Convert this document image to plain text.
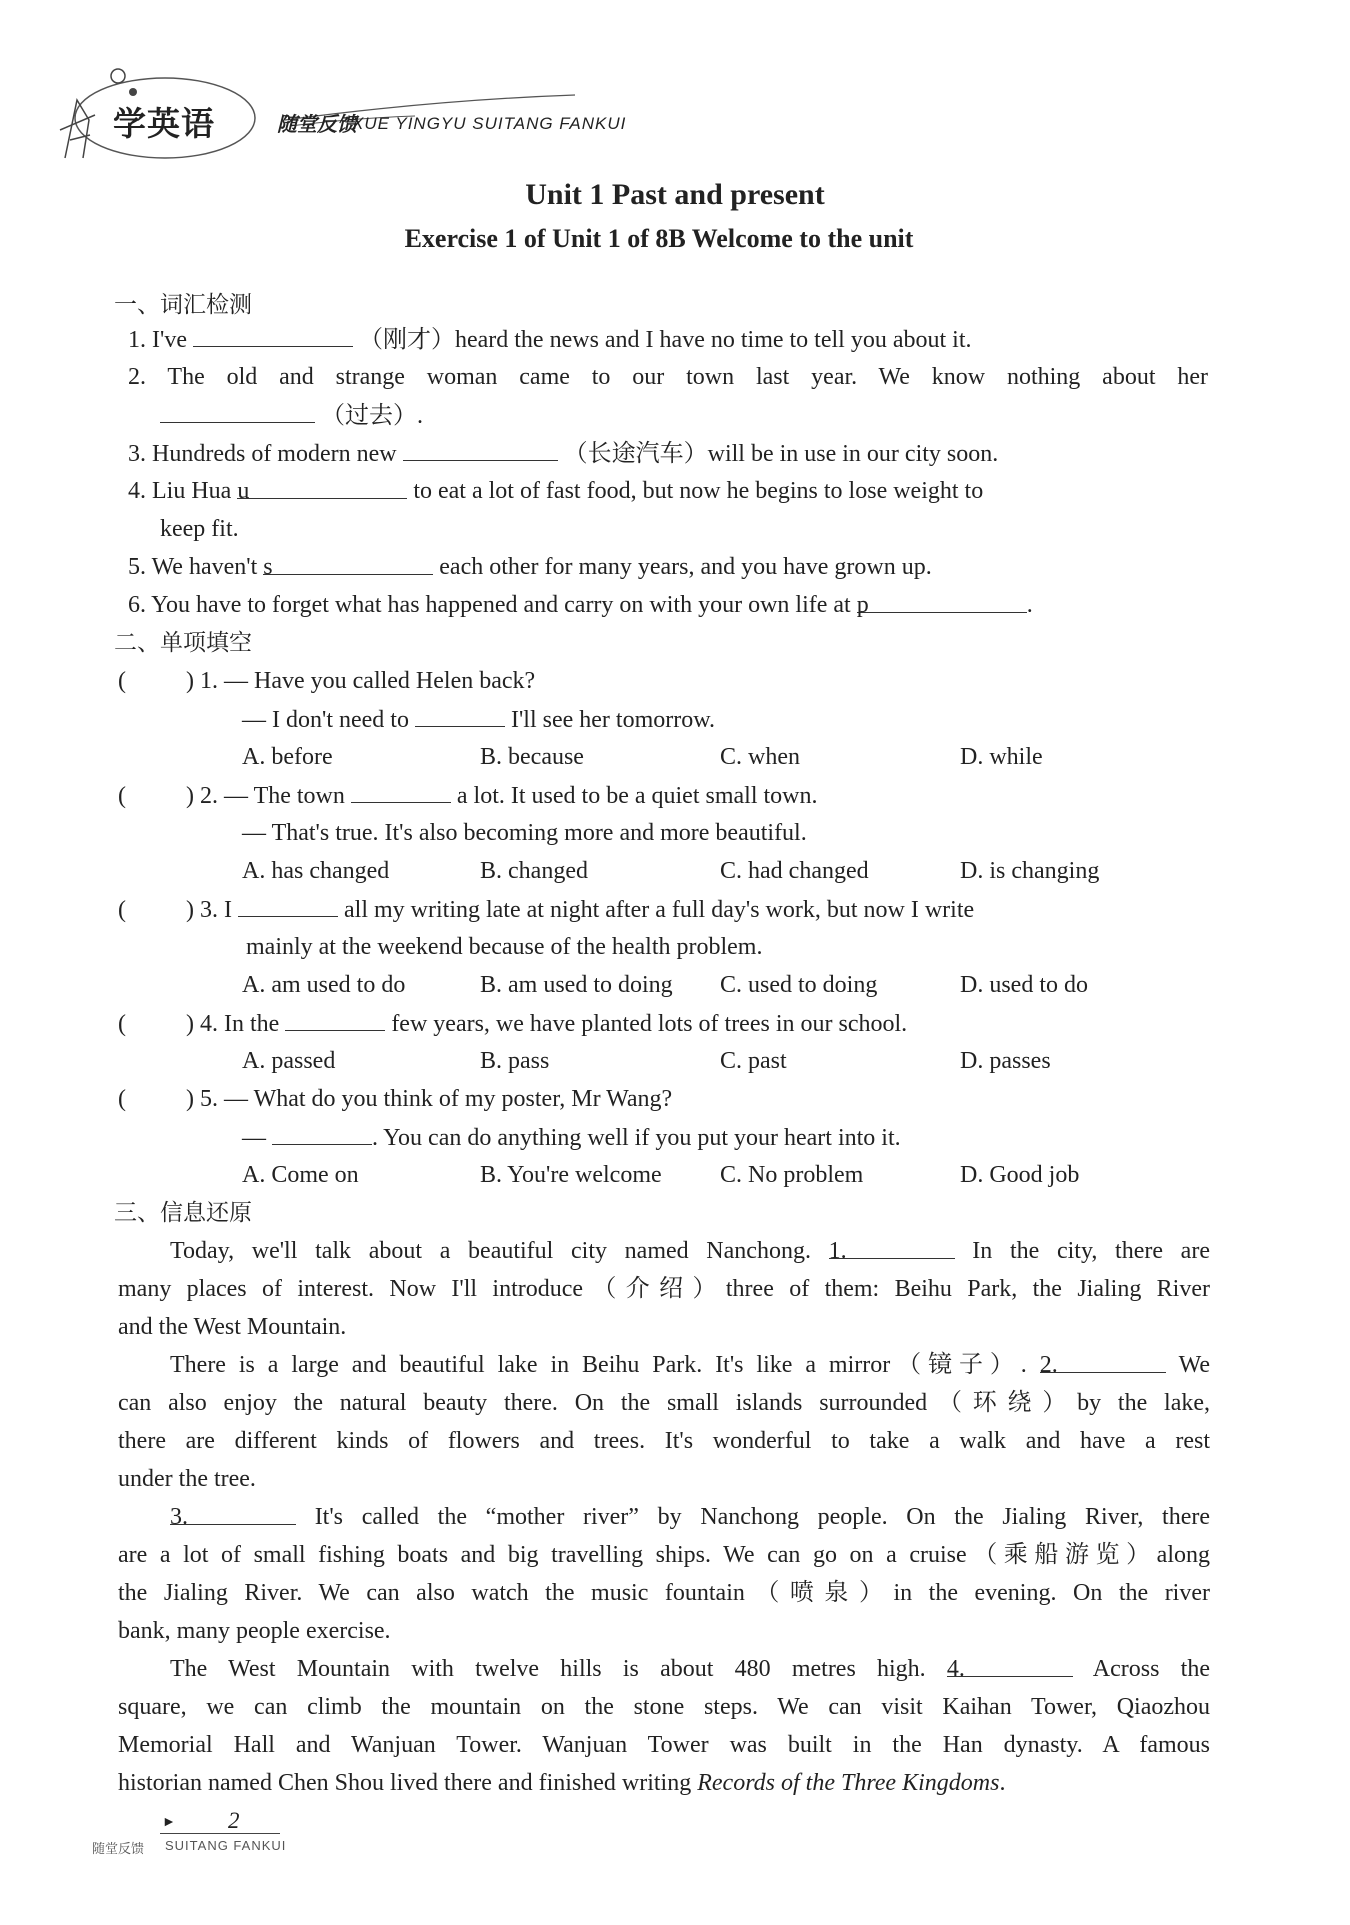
学英语	随堂反馈
XUE YINGYU SUITANG FANKUI
Unit 1 Past and present
Exercise 1 of Unit 1 of 8B Welcome to the unit
一、词汇检测
1. I've	（刚才）heard the news and I have no time to tell you about it.
2. The old and strange woman came to our town last year. We know nothing about her
（过去）.
3. Hundreds of modern new	（长途汽车）will be in use in our city soon.
4. Liu Hua u	to eat a lot of fast food, but now he begins to lose weight to
keep fit.
5. We haven't s	each other for many years, and you have grown up.
6. You have to forget what has happened and carry on with your own life at p	.
二、单项填空
(	) 1. — Have you called Helen back?
— I don't need to	I'll see her tomorrow.
A. before	B. because	C. when	D. while
(	) 2. — The town	a lot. It used to be a quiet small town.
— That's true. It's also becoming more and more beautiful.
A. has changed	B. changed	C. had changed	D. is changing
(	) 3. I	all my writing late at night after a full day's work, but now I write
mainly at the weekend because of the health problem.
A. am used to do	B. am used to doing C. used to doing	D. used to do
(	) 4. In the	few years, we have planted lots of trees in our school.
A. passed	B. pass	C. past	D. passes
(	) 5. — What do you think of my poster, Mr Wang?
—	. You can do anything well if you put your heart into it.
A. Come on	B. You're welcome C. No problem	D. Good job
三、信息还原
Today, we'll talk about a beautiful city named Nanchong. 1.	In the city, there are
many places of interest. Now I'll introduce（介绍）three of them: Beihu Park, the Jialing River
and the West Mountain.
There is a large and beautiful lake in Beihu Park. It's like a mirror（镜子）. 2.	We
can also enjoy the natural beauty there. On the small islands surrounded（环绕）by the lake,
there are different kinds of flowers and trees. It's wonderful to take a walk and have a rest
under the tree.
3.	It's called the “mother river” by Nanchong people. On the Jialing River, there
are a lot of small fishing boats and big travelling ships. We can go on a cruise（乘船游览）along
the Jialing River. We can also watch the music fountain（喷泉）in the evening. On the river
bank, many people exercise.
The West Mountain with twelve hills is about 480 metres high. 4.	Across the
square, we can climb the mountain on the stone steps. We can visit Kaihan Tower, Qiaozhou
Memorial Hall and Wanjuan Tower. Wanjuan Tower was built in the Han dynasty. A famous
historian named Chen Shou lived there and finished writing Records of the Three Kingdoms.
► 2
随堂反馈 SUITANG FANKUI
